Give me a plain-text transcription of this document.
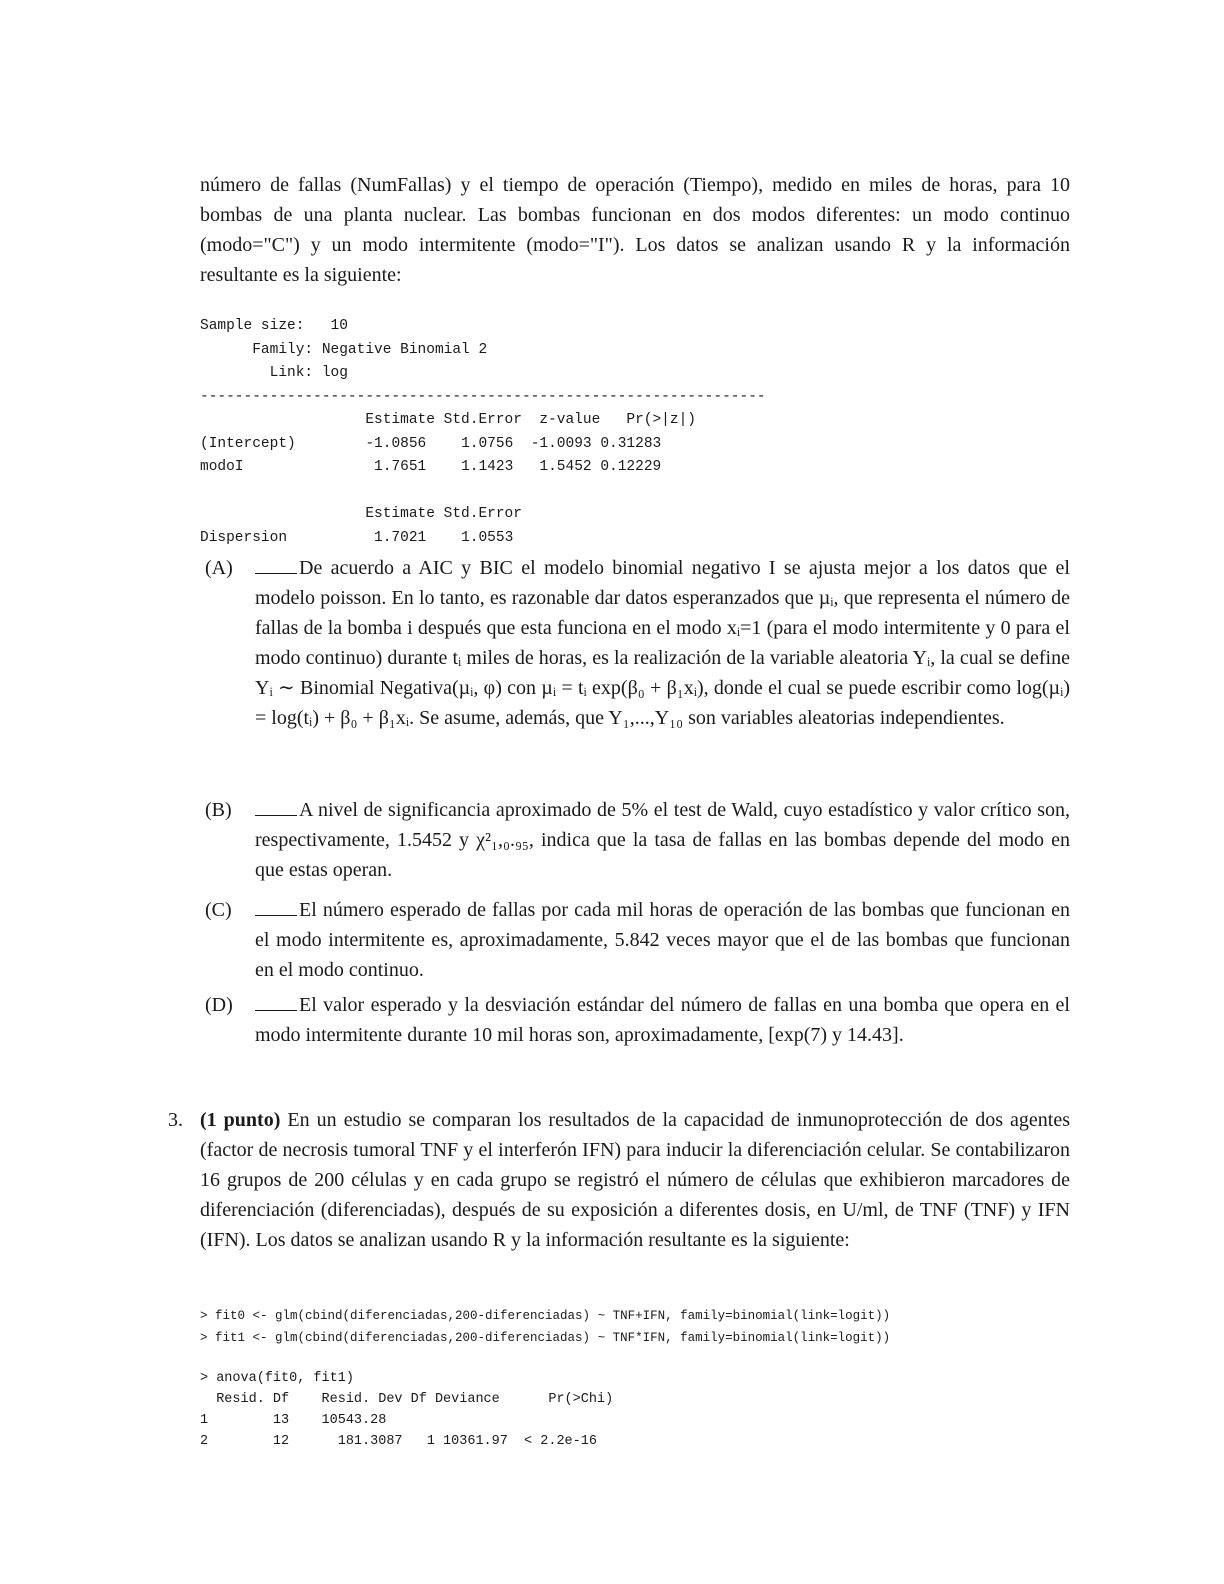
número de fallas (NumFallas) y el tiempo de operación (Tiempo), medido en miles de horas, para 10 bombas de una planta nuclear. Las bombas funcionan en dos modos diferentes: un modo continuo (modo="C") y un modo intermitente (modo="I"). Los datos se analizan usando R y la información resultante es la siguiente:

Sample size: 10
Family: Negative Binomial 2
Link: log
-----------------------------------------------------------------
Estimate Std.Error  z-value   Pr(>|z|)
(Intercept)	-1.0856 1.0756 -1.0093 0.31283
modoI	1.7651 1.1423 1.5452 0.12229

Estimate Std.Error
Dispersion	1.7021 1.0553
(A)	De acuerdo a AIC y BIC el modelo binomial negativo I se ajusta mejor a los datos que el modelo poisson. En lo tanto, es razonable dar datos esperanzados que µᵢ, que representa el número de fallas de la bomba i después que esta funciona en el modo xᵢ=1 (para el modo intermitente y 0 para el modo continuo) durante tᵢ miles de horas, es la realización de la variable aleatoria Yᵢ, la cual se define Yᵢ ∼ Binomial Negativa(µᵢ, φ) con µᵢ = tᵢ exp(β₀ + β₁xᵢ), donde el cual se puede escribir como log(µᵢ) = log(tᵢ) + β₀ + β₁xᵢ. Se asume, además, que Y₁,...,Y₁₀ son variables aleatorias independientes.
(B)	A nivel de significancia aproximado de 5% el test de Wald, cuyo estadístico y valor crítico son, respectivamente, 1.5452 y χ²₁,₀.₉₅, indica que la tasa de fallas en las bombas depende del modo en que estas operan.
(C)	El número esperado de fallas por cada mil horas de operación de las bombas que funcionan en el modo intermitente es, aproximadamente, 5.842 veces mayor que el de las bombas que funcionan en el modo continuo.
(D)	El valor esperado y la desviación estándar del número de fallas en una bomba que opera en el modo intermitente durante 10 mil horas son, aproximadamente, [exp(7) y 14.43].
3. (1 punto) En un estudio se comparan los resultados de la capacidad de inmunoprotección de dos agentes (factor de necrosis tumoral TNF y el interferón IFN) para inducir la diferenciación celular. Se contabilizaron 16 grupos de 200 células y en cada grupo se registró el número de células que exhibieron marcadores de diferenciación (diferenciadas), después de su exposición a diferentes dosis, en U/ml, de TNF (TNF) y IFN (IFN). Los datos se analizan usando R y la información resultante es la siguiente:

> fit0 <- glm(cbind(diferenciadas,200-diferenciadas) ~ TNF+IFN, family=binomial(link=logit))
> fit1 <- glm(cbind(diferenciadas,200-diferenciadas) ~ TNF*IFN, family=binomial(link=logit))
> anova(fit0, fit1)
Resid. Df    Resid. Dev Df Deviance      Pr(>Chi)
1        13    10543.28
2        12      181.3087   1 10361.97  < 2.2e-16
